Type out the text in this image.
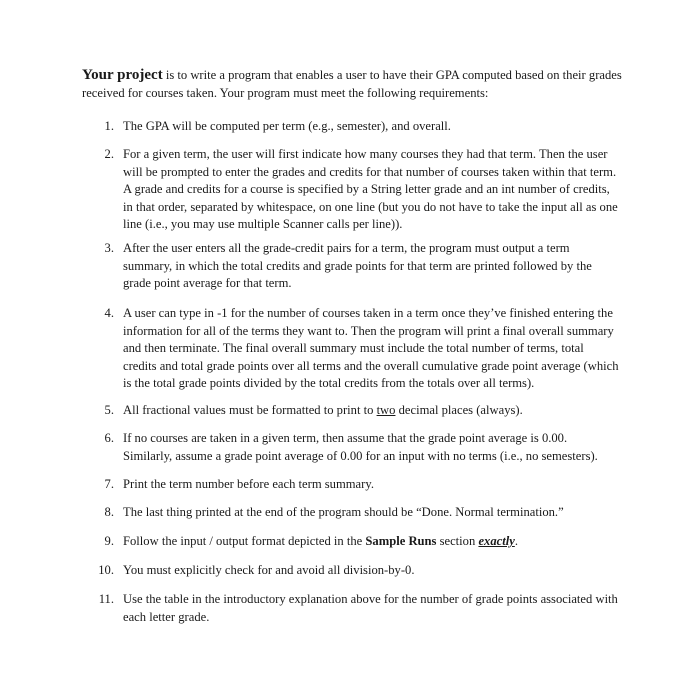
Your project is to write a program that enables a user to have their GPA computed based on their grades received for courses taken. Your program must meet the following requirements:

1. The GPA will be computed per term (e.g., semester), and overall.
2. For a given term, the user will first indicate how many courses they had that term. Then the user will be prompted to enter the grades and credits for that number of courses taken within that term. A grade and credits for a course is specified by a String letter grade and an int number of credits, in that order, separated by whitespace, on one line (but you do not have to take the input all as one line (i.e., you may use multiple Scanner calls per line)).
3. After the user enters all the grade-credit pairs for a term, the program must output a term summary, in which the total credits and grade points for that term are printed followed by the grade point average for that term.
4. A user can type in -1 for the number of courses taken in a term once they’ve finished entering the information for all of the terms they want to. Then the program will print a final overall summary and then terminate. The final overall summary must include the total number of terms, total credits and total grade points over all terms and the overall cumulative grade point average (which is the total grade points divided by the total credits from the totals over all terms).
5. All fractional values must be formatted to print to two decimal places (always).
6. If no courses are taken in a given term, then assume that the grade point average is 0.00. Similarly, assume a grade point average of 0.00 for an input with no terms (i.e., no semesters).
7. Print the term number before each term summary.
8. The last thing printed at the end of the program should be “Done. Normal termination.”
9. Follow the input / output format depicted in the Sample Runs section exactly.
10. You must explicitly check for and avoid all division-by-0.
11. Use the table in the introductory explanation above for the number of grade points associated with each letter grade.
